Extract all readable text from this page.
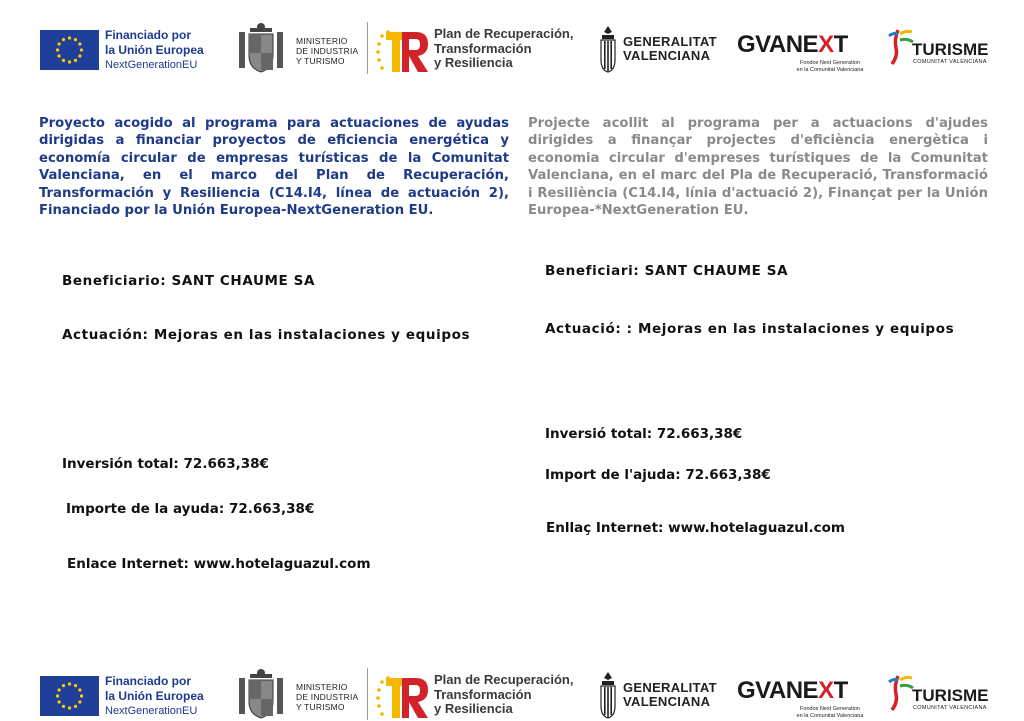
Financiado por
la Unión Europea
NextGenerationEU
MINISTERIO
DE INDUSTRIA
Y TURISMO
Plan de Recuperación,
Transformación
y Resiliencia
GENERALITAT
VALENCIANA	GVANEXT
Fondos Next Generation
en la Comunitat Valenciana
TURISME
COMUNITAT VALENCIANA

Proyecto acogido al programa para actuaciones de ayudas dirigidas a financiar proyectos de eficiencia energética y economía circular de empresas turísticas de la Comunitat Valenciana, en el marco del Plan de Recuperación, Transformación y Resiliencia (C14.I4, línea de actuación 2), Financiado por la Unión Europea-NextGeneration EU.

Projecte acollit al programa per a actuacions d'ajudes dirigides a finançar projectes d'eficiència energètica i economia circular d'empreses turístiques de la Comunitat Valenciana, en el marc del Pla de Recuperació, Transformació i Resiliència (C14.I4, línia d'actuació 2), Finançat per la Unión Europea-*NextGeneration EU.

Beneficiario: SANT CHAUME SA
Actuación: Mejoras en las instalaciones y equipos
Inversión total: 72.663,38€
Importe de la ayuda: 72.663,38€
Enlace Internet: www.hotelaguazul.com
Beneficiari: SANT CHAUME SA
Actuació: : Mejoras en las instalaciones y equipos
Inversió total: 72.663,38€
Import de l'ajuda: 72.663,38€
Enllaç Internet: www.hotelaguazul.com
Financiado por
la Unión Europea
NextGenerationEU
MINISTERIO
DE INDUSTRIA
Y TURISMO
Plan de Recuperación,
Transformación
y Resiliencia
GENERALITAT
VALENCIANA	GVANEXT
Fondos Next Generation
en la Comunitat Valenciana
TURISME
COMUNITAT VALENCIANA
